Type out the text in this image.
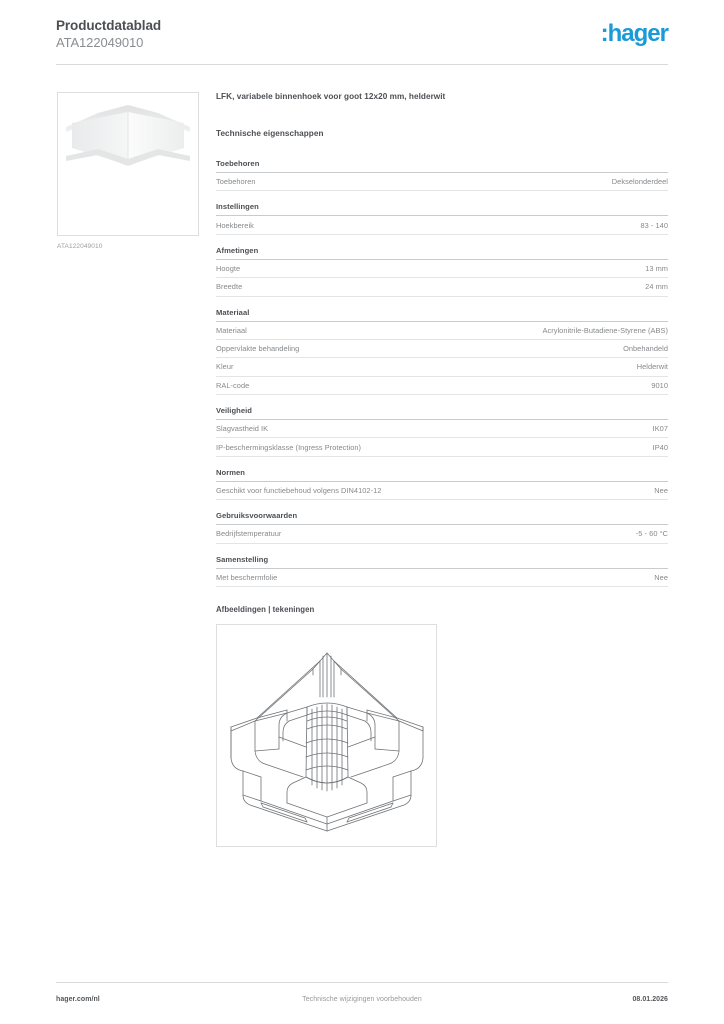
Productdatablad
ATA122049010	:hager
ATA122049010
LFK, variabele binnenhoek voor goot 12x20 mm, helderwit
Technische eigenschappen
Toebehoren
Toebehoren	Dekselonderdeel
Instellingen
Hoekbereik	83 - 140
Afmetingen
Hoogte	13 mm
Breedte	24 mm
Materiaal
Materiaal	Acrylonitrile-Butadiene-Styrene (ABS)
Oppervlakte behandeling	Onbehandeld
Kleur	Helderwit
RAL-code	9010
Veiligheid
Slagvastheid IK	IK07
IP-beschermingsklasse (Ingress Protection)	IP40
Normen
Geschikt voor functiebehoud volgens DIN4102-12	Nee
Gebruiksvoorwaarden
Bedrijfstemperatuur	-5 - 60 °C
Samenstelling
Met beschermfolie	Nee
Afbeeldingen | tekeningen
Technische wijzigingen voorbehouden
hager.com/nl	08.01.2026
